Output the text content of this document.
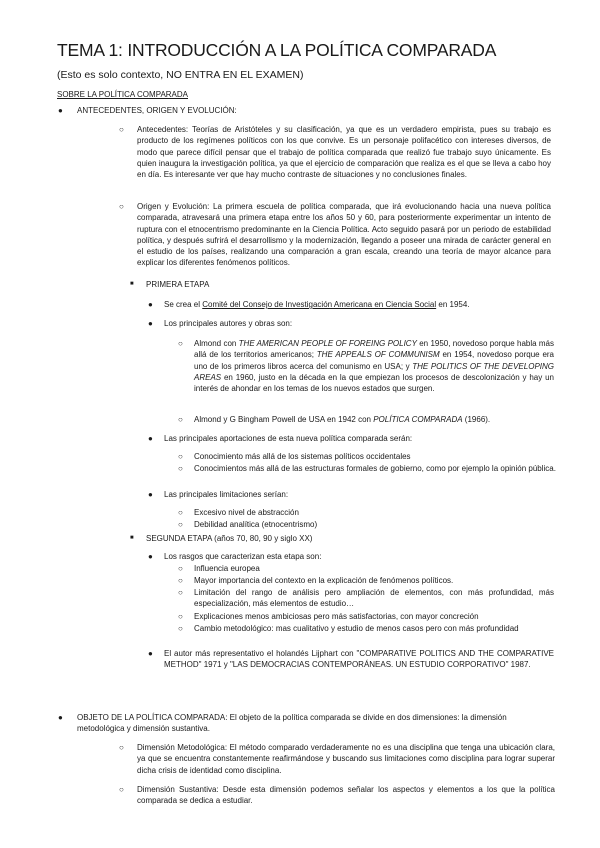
TEMA 1: INTRODUCCIÓN A LA POLÍTICA COMPARADA
(Esto es solo contexto, NO ENTRA EN EL EXAMEN)
SOBRE LA POLÍTICA COMPARADA
● ANTECEDENTES, ORIGEN Y EVOLUCIÓN:
○ Antecedentes: Teorías de Aristóteles y su clasificación, ya que es un verdadero empirista, pues su trabajo es producto de los regímenes políticos con los que convive. Es un personaje polifacético con intereses diversos, de modo que parece difícil pensar que el trabajo de política comparada que realizó fue trabajo suyo únicamente. Es quien inaugura la investigación política, ya que el ejercicio de comparación que realiza es el que se lleva a cabo hoy en día. Es interesante ver que hay mucho contraste de situaciones y no conclusiones finales.
○ Origen y Evolución: La primera escuela de política comparada, que irá evolucionando hacia una nueva política comparada, atravesará una primera etapa entre los años 50 y 60, para posteriormente experimentar un intento de ruptura con el etnocentrismo predominante en la Ciencia Política. Acto seguido pasará por un periodo de estabilidad política, y después sufrirá el desarrollismo y la modernización, llegando a poseer una mirada de carácter general en el estudio de los países, realizando una comparación a gran escala, creando una teoría de mayor alcance para explicar los diferentes fenómenos políticos.
■ PRIMERA ETAPA
● Se crea el Comité del Consejo de Investigación Americana en Ciencia Social en 1954.
● Los principales autores y obras son:
○ Almond con THE AMERICAN PEOPLE OF FOREING POLICY en 1950, novedoso porque habla más allá de los territorios americanos; THE APPEALS OF COMMUNISM en 1954, novedoso porque era uno de los primeros libros acerca del comunismo en USA; y THE POLITICS OF THE DEVELOPING AREAS en 1960, justo en la década en la que empiezan los procesos de descolonización y hay un interés de ahondar en los temas de los nuevos estados que surgen.
○ Almond y G Bingham Powell de USA en 1942 con POLÍTICA COMPARADA (1966).
● Las principales aportaciones de esta nueva política comparada serán:
○ Conocimiento más allá de los sistemas políticos occidentales
○ Conocimientos más allá de las estructuras formales de gobierno, como por ejemplo la opinión pública.
● Las principales limitaciones serían:
○ Excesivo nivel de abstracción
○ Debilidad analítica (etnocentrismo)
■ SEGUNDA ETAPA (años 70, 80, 90 y siglo XX)
● Los rasgos que caracterizan esta etapa son:
○ Influencia europea
○ Mayor importancia del contexto en la explicación de fenómenos políticos.
○ Limitación del rango de análisis pero ampliación de elementos, con más profundidad, más especialización, más elementos de estudio…
○ Explicaciones menos ambiciosas pero más satisfactorias, con mayor concreción
○ Cambio metodológico: mas cualitativo y estudio de menos casos pero con más profundidad
● El autor más representativo el holandés Lijphart con "COMPARATIVE POLITICS AND THE COMPARATIVE METHOD" 1971 y "LAS DEMOCRACIAS CONTEMPORÁNEAS. UN ESTUDIO CORPORATIVO" 1987.
● OBJETO DE LA POLÍTICA COMPARADA: El objeto de la política comparada se divide en dos dimensiones: la dimensión metodológica y dimensión sustantiva.
○ Dimensión Metodológica: El método comparado verdaderamente no es una disciplina que tenga una ubicación clara, ya que se encuentra constantemente reafirmándose y buscando sus limitaciones como disciplina para lograr superar dicha crisis de identidad como disciplina.
○ Dimensión Sustantiva: Desde esta dimensión podemos señalar los aspectos y elementos a los que la política comparada se dedica a estudiar.
